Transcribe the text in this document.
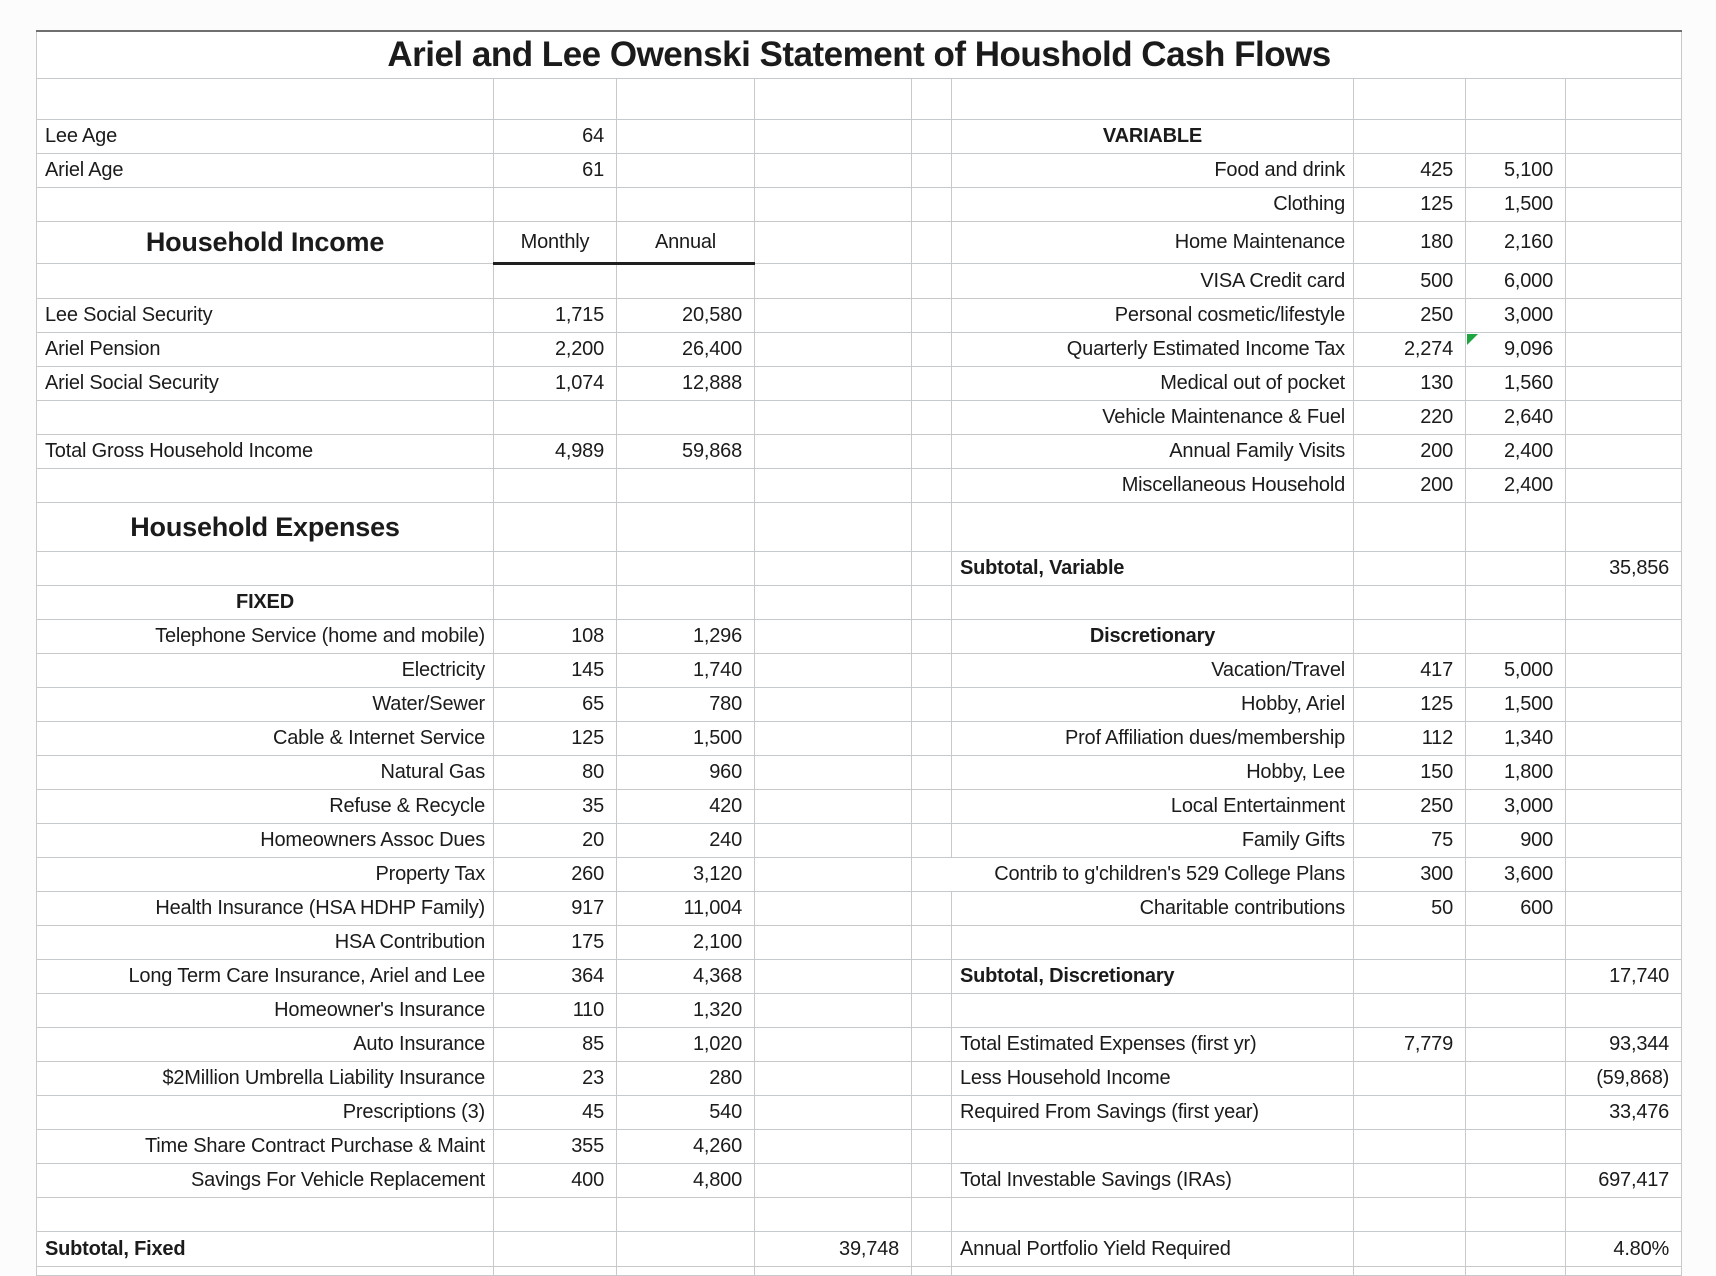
Ariel and Lee Owenski Statement of Houshold Cash Flows								

Lee Age	64				VARIABLE			
Ariel Age	61				Food and drink	425	5,100	
					Clothing	125	1,500	
Household Income	Monthly	Annual			Home Maintenance	180	2,160	
					VISA Credit card	500	6,000	
Lee Social Security	1,715	20,580			Personal cosmetic/lifestyle	250	3,000	
Ariel Pension	2,200	26,400			Quarterly Estimated Income Tax	2,274	9,096	
Ariel Social Security	1,074	12,888			Medical out of pocket	130	1,560	
					Vehicle Maintenance & Fuel	220	2,640	
Total Gross Household Income	4,989	59,868			Annual Family Visits	200	2,400	
					Miscellaneous Household	200	2,400	
Household Expenses								
					Subtotal, Variable			35,856
FIXED								
Telephone Service (home and mobile)	108	1,296			Discretionary			
Electricity	145	1,740			Vacation/Travel	417	5,000	
Water/Sewer	65	780			Hobby, Ariel	125	1,500	
Cable & Internet Service	125	1,500			Prof Affiliation dues/membership	112	1,340	
Natural Gas	80	960			Hobby, Lee	150	1,800	
Refuse & Recycle	35	420			Local Entertainment	250	3,000	
Homeowners Assoc Dues	20	240			Family Gifts	75	900	
Property Tax	260	3,120		Contrib to g'children's 529 College Plans		300	3,600	
Health Insurance (HSA HDHP Family)	917	11,004			Charitable contributions	50	600	
HSA Contribution	175	2,100						
Long Term Care Insurance, Ariel and Lee	364	4,368			Subtotal, Discretionary			17,740
Homeowner's Insurance	110	1,320						
Auto Insurance	85	1,020			Total Estimated Expenses (first yr)	7,779		93,344
$2Million Umbrella Liability Insurance	23	280			Less Household Income			(59,868)
Prescriptions (3)	45	540			Required From Savings (first year)			33,476
Time Share Contract Purchase & Maint	355	4,260						
Savings For Vehicle Replacement	400	4,800			Total Investable Savings (IRAs)			697,417

Subtotal, Fixed			39,748		Annual Portfolio Yield Required			4.80%
